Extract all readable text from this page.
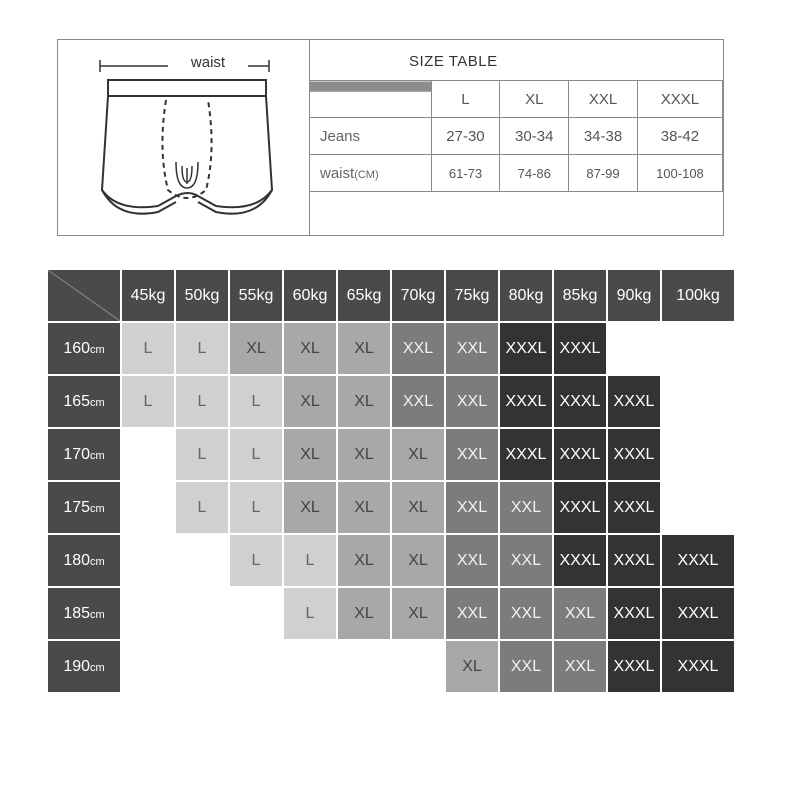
waist	SIZE TABLE
	L	XL	XXL	XXXL
Jeans	27-30	30-34	34-38	38-42
waist(CM)	61-73	74-86	87-99	100-108

	45kg	50kg	55kg	60kg	65kg	70kg	75kg	80kg	85kg	90kg	100kg
160cm	L	L	XL	XL	XL	XXL	XXL	XXXL	XXXL		
165cm	L	L	L	XL	XL	XXL	XXL	XXXL	XXXL	XXXL	
170cm		L	L	XL	XL	XL	XXL	XXXL	XXXL	XXXL	
175cm		L	L	XL	XL	XL	XXL	XXL	XXXL	XXXL	
180cm			L	L	XL	XL	XXL	XXL	XXXL	XXXL	XXXL
185cm				L	XL	XL	XXL	XXL	XXL	XXXL	XXXL
190cm							XL	XXL	XXL	XXXL	XXXL
